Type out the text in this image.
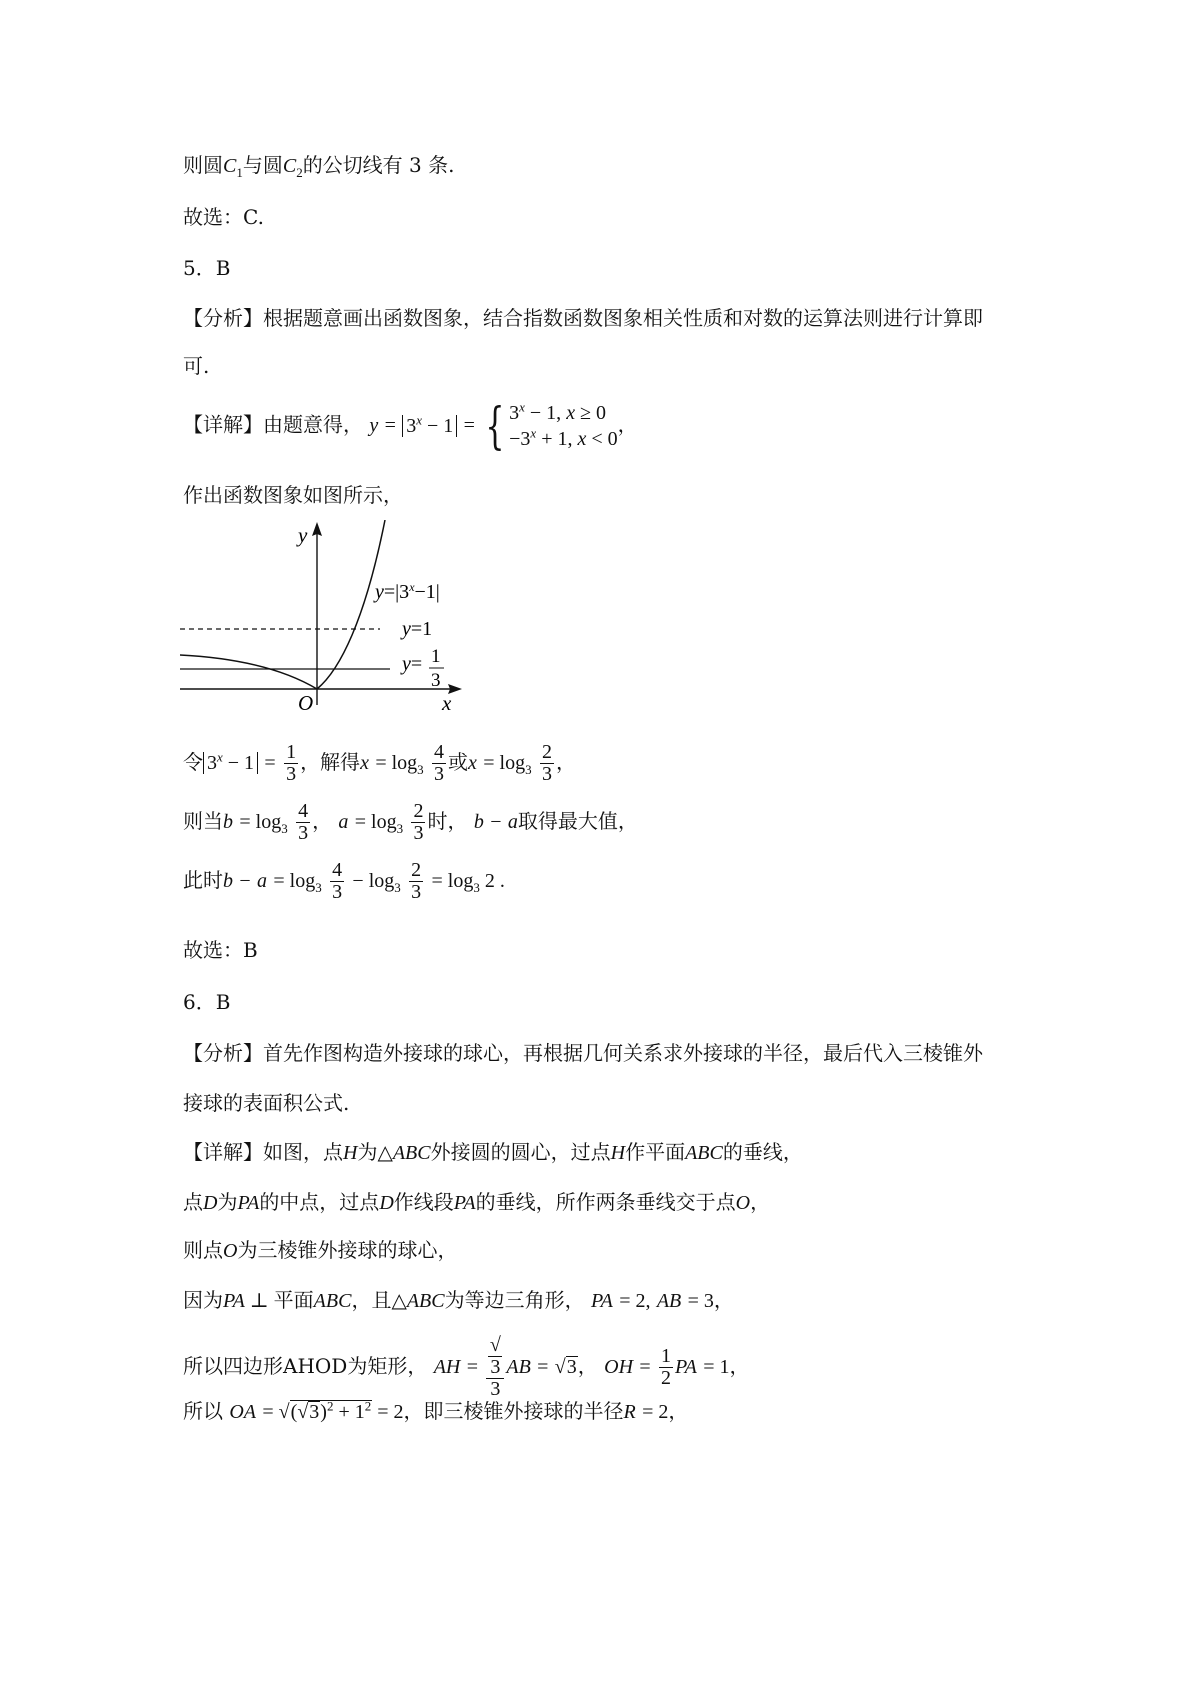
则圆$C_1$与圆$C_2$的公切线有 3 条.
故选：C.
5．B
【分析】根据题意画出函数图象，结合指数函数图象相关性质和对数的运算法则进行计算即
可.
【详解】由题意得， $y = 3^x - 1$ = { $3^x - 1$, x ≥ 0
$-3^x + 1$, x < 0
，
作出函数图象如图所示，
y
x
O
$y=|3^x-1|$
y=1
y= 1
3
令 $3^x - 1 = \frac{1}{3}$ ，解得$x = \log_3 \frac{4}{3}$ 或$x = \log_3 \frac{2}{3}$ ，
则当$b = \log_3 \frac{4}{3}$ ， $a = \log_3 \frac{2}{3}$ 时， b − a取得最大值，
此时$b - a = \log_3 \frac{4}{3} - \log_3 \frac{2}{3} = \log_3 2$ .
故选：B
6．B
【分析】首先作图构造外接球的球心，再根据几何关系求外接球的半径，最后代入三棱锥外
接球的表面积公式.
【详解】如图，点H为△ABC外接圆的圆心，过点H作平面ABC的垂线，
点D为PA的中点，过点D作线段PA的垂线，所作两条垂线交于点O，
则点O为三棱锥外接球的球心，
因为PA ⊥ 平面ABC，且△ABC为等边三角形， PA = 2, AB = 3，
所以四边形AHOD为矩形， AH = √
3
3 AB = √3， OH = $\frac{1}{2}$ PA = 1，
所以 OA = $√(√3)^2 + 1^2 = 2$，即三棱锥外接球的半径R = 2，
